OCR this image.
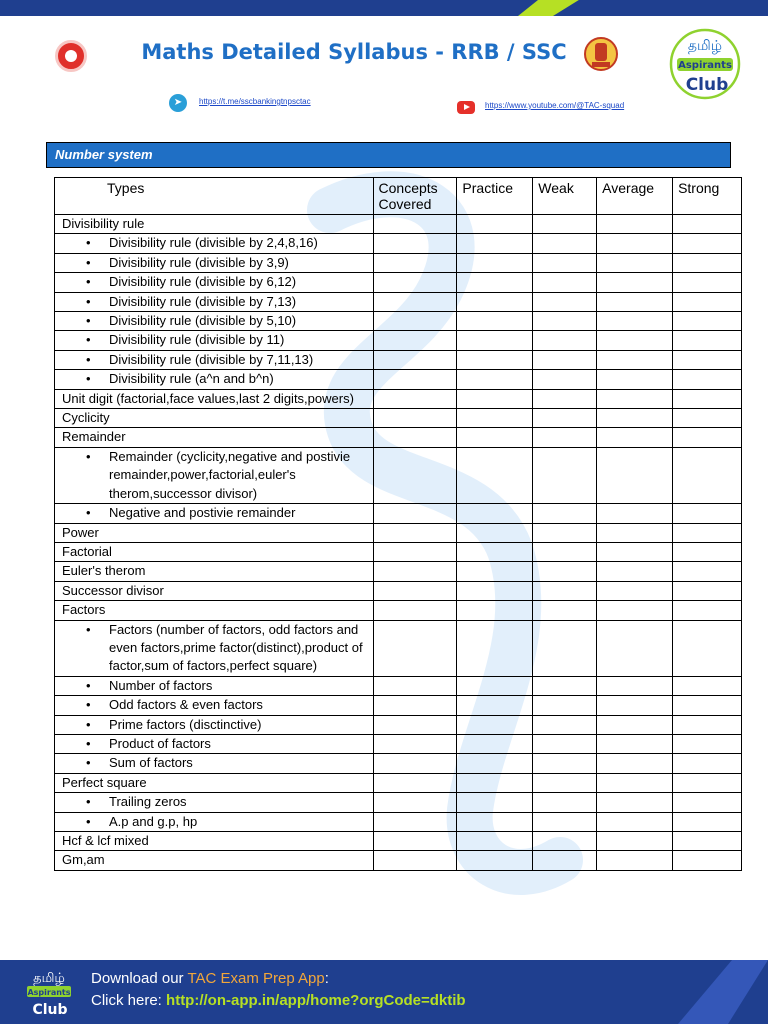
Maths Detailed Syllabus - RRB / SSC	தமிழ்
Aspirants
Club
➤	https://t.me/sscbankingtnpsctac	https://www.youtube.com/@TAC-squad
Number system
Types	Concepts Covered	Practice	Weak	Average	Strong
Divisibility rule					
• Divisibility rule (divisible by 2,4,8,16)					
• Divisibility rule (divisible by 3,9)					
• Divisibility rule (divisible by 6,12)					
• Divisibility rule (divisible by 7,13)					
• Divisibility rule (divisible by 5,10)					
• Divisibility rule (divisible by 11)					
• Divisibility rule (divisible by 7,11,13)					
• Divisibility rule (a^n and b^n)					
Unit digit (factorial,face values,last 2 digits,powers)					
Cyclicity					
Remainder					
• Remainder (cyclicity,negative and postivie remainder,power,factorial,euler's therom,successor divisor)					
• Negative and postivie remainder					
Power					
Factorial					
Euler's therom					
Successor divisor					
Factors					
• Factors (number of factors, odd factors and even factors,prime factor(distinct),product of factor,sum of factors,perfect square)					
• Number of factors					
• Odd factors & even factors					
• Prime factors (disctinctive)					
• Product of factors					
• Sum of factors					
Perfect square					
• Trailing zeros					
• A.p and g.p, hp					
Hcf & lcf mixed					
Gm,am					
தமிழ்
Aspirants
Club
Download our TAC Exam Prep App:
Click here: http://on-app.in/app/home?orgCode=dktib
